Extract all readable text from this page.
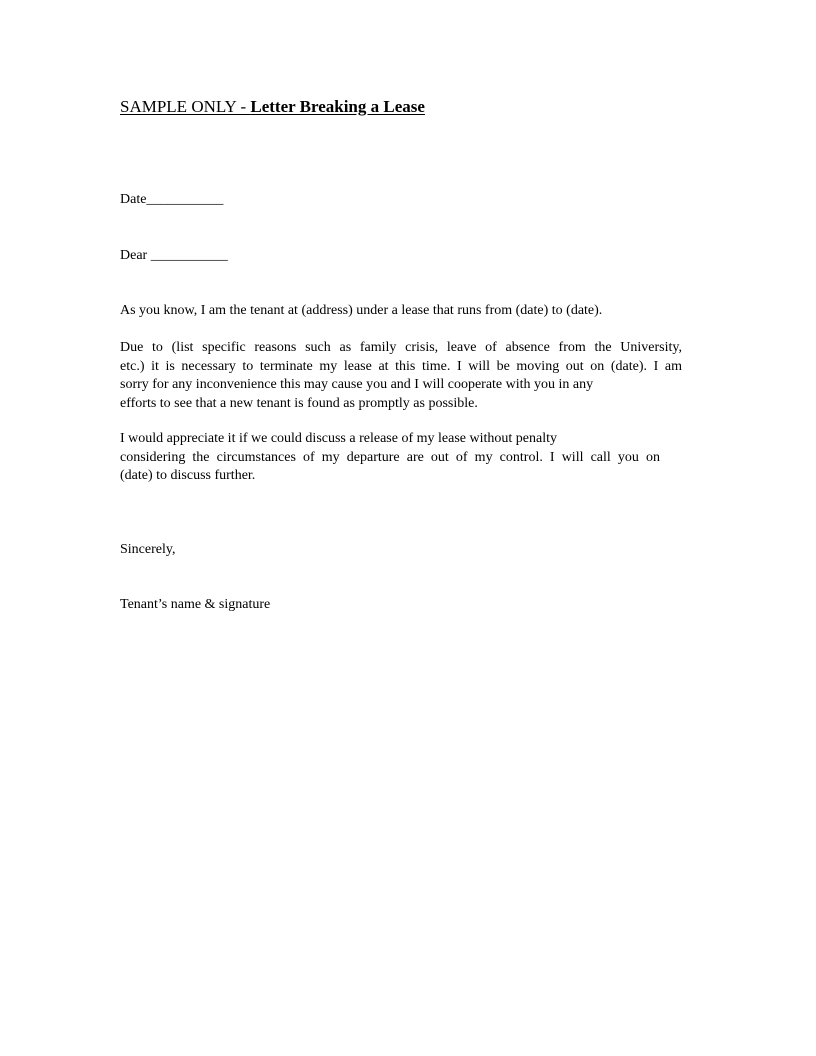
SAMPLE ONLY - Letter Breaking a Lease
Date___________
Dear ___________
As you know, I am the tenant at (address) under a lease that runs from (date) to (date).
Due to (list specific reasons such as family crisis, leave of absence from the University,
etc.) it is necessary to terminate my lease at this time. I will be moving out on (date). I am
sorry for any inconvenience this may cause you and I will cooperate with you in any
efforts to see that a new tenant is found as promptly as possible.
I would appreciate it if we could discuss a release of my lease without penalty
considering the circumstances of my departure are out of my control. I will call you on
(date) to discuss further.
Sincerely,
Tenant’s name & signature
